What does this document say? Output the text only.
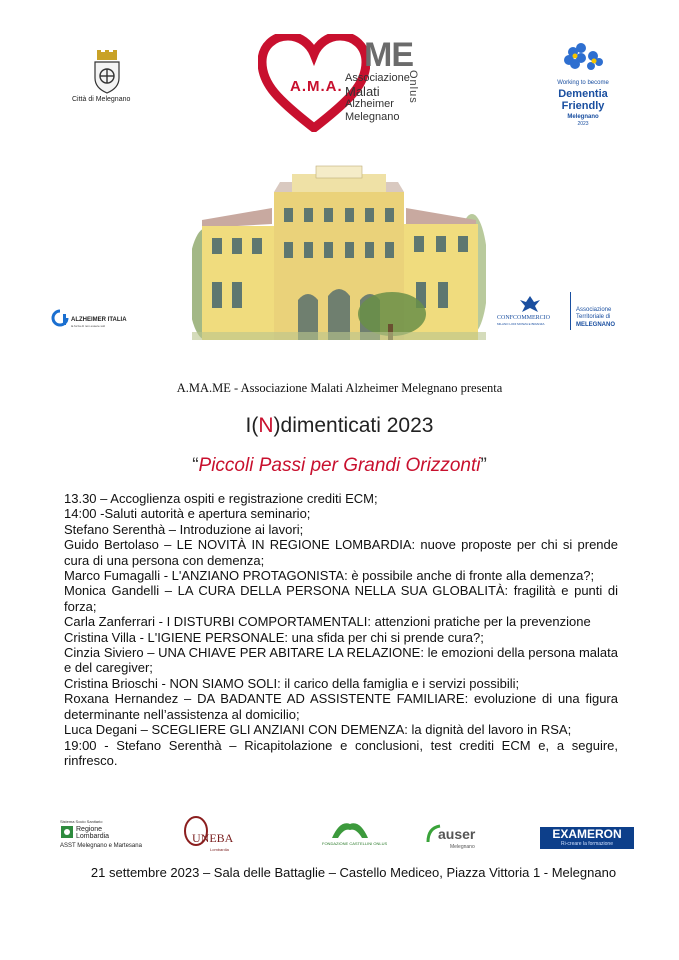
Città di Melegnano
A.M.A.
ME
Associazione
Malati
Alzheimer
Melegnano
Onlus	Working to become
Dementia Friendly
Melegnano
2023
ALZHEIMER ITALIA
la forza di non essere soli
CONFCOMMERCIO
MILANO LODI MONZA E BRIANZA
Associazione
Territoriale di
MELEGNANO
A.MA.ME - Associazione Malati Alzheimer Melegnano presenta
I(N)dimenticati 2023
“Piccoli Passi per Grandi Orizzonti”
13.30 – Accoglienza ospiti e registrazione crediti ECM;
14:00 -Saluti autorità e apertura seminario;
Stefano Serenthà – Introduzione ai lavori;
Guido Bertolaso – LE NOVITÀ IN REGIONE LOMBARDIA: nuove proposte per chi si prende cura di una persona con demenza;
Marco Fumagalli - L'ANZIANO PROTAGONISTA: è possibile anche di fronte alla demenza?;
Monica Gandelli – LA CURA DELLA PERSONA NELLA SUA GLOBALITÀ: fragilità e punti di forza;
Carla Zanferrari - I DISTURBI COMPORTAMENTALI: attenzioni pratiche per la prevenzione
Cristina Villa - L'IGIENE PERSONALE: una sfida per chi si prende cura?;
Cinzia Siviero – UNA CHIAVE PER ABITARE LA RELAZIONE: le emozioni della persona malata e del caregiver;
Cristina Brioschi - NON SIAMO SOLI: il carico della famiglia e i servizi possibili;
Roxana Hernandez – DA BADANTE AD ASSISTENTE FAMILIARE: evoluzione di una figura determinante nell’assistenza al domicilio;
Luca Degani – SCEGLIERE GLI ANZIANI CON DEMENZA: la dignità del lavoro in RSA;
19:00 - Stefano Serenthà – Ricapitolazione e conclusioni, test crediti ECM e, a seguire, rinfresco.
Sistema Socio Sanitario
Regione
Lombardia
ASST Melegnano e Martesana
UNEBA
Lombardia
FONDAZIONE CASTELLINI ONLUS
auser
Melegnano
EXAMERON
Ri-creare la formazione
21 settembre 2023 – Sala delle Battaglie – Castello Mediceo, Piazza Vittoria 1 - Melegnano
